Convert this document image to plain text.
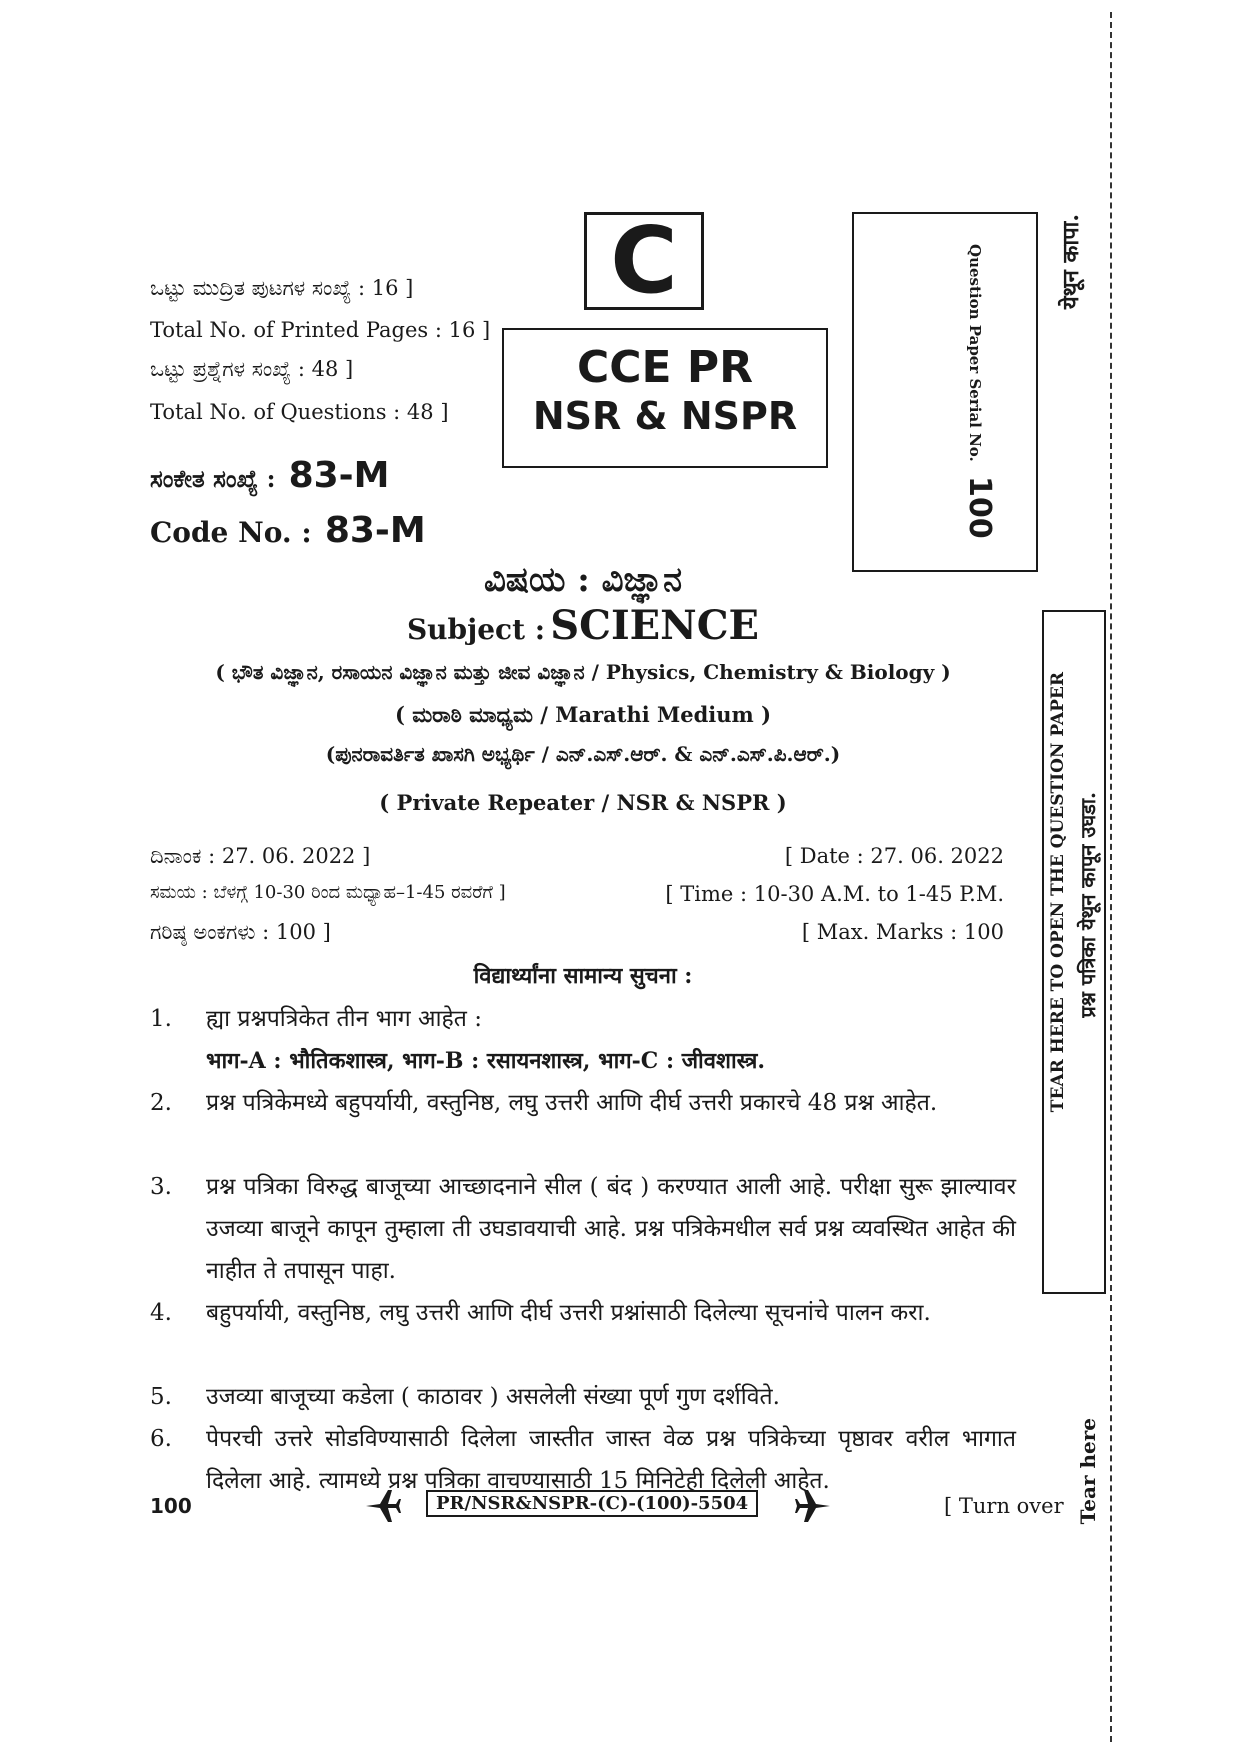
ಒಟ್ಟು ಮುದ್ರಿತ ಪುಟಗಳ ಸಂಖ್ಯೆ : 16 ]
Total No. of Printed Pages : 16 ]
ಒಟ್ಟು ಪ್ರಶ್ನೆಗಳ ಸಂಖ್ಯೆ : 48 ]
Total No. of Questions : 48 ]
ಸಂಕೇತ ಸಂಖ್ಯೆ : 83-M
Code No. : 83-M
C
CCE PR
NSR & NSPR	Question Paper Serial No.
100
येथून कापा.
TEAR HERE TO OPEN THE QUESTION PAPER प्रश्न पत्रिका येथून कापून उघडा.
Tear here
ವಿಷಯ : ವಿಜ್ಞಾನ
Subject : SCIENCE
( ಭೌತ ವಿಜ್ಞಾನ, ರಸಾಯನ ವಿಜ್ಞಾನ ಮತ್ತು ಜೀವ ವಿಜ್ಞಾನ / Physics, Chemistry & Biology )
( ಮರಾಠಿ ಮಾಧ್ಯಮ / Marathi Medium )
(ಪುನರಾವರ್ತಿತ ಖಾಸಗಿ ಅಭ್ಯರ್ಥಿ / ಎನ್.ಎಸ್.ಆರ್. & ಎನ್.ಎಸ್.ಪಿ.ಆರ್.)
( Private Repeater / NSR & NSPR )
ದಿನಾಂಕ : 27. 06. 2022 ]	[ Date : 27. 06. 2022
ಸಮಯ : ಬೆಳಗ್ಗೆ 10-30 ರಿಂದ ಮಧ್ಯಾಹ–1-45 ರವರೆಗೆ ]	[ Time : 10-30 A.M. to 1-45 P.M.
ಗರಿಷ್ಠ ಅಂಕಗಳು : 100 ]	[ Max. Marks : 100
विद्यार्थ्यांना सामान्य सुचना :
1. ह्या प्रश्नपत्रिकेत तीन भाग आहेत :
भाग-A : भौतिकशास्त्र, भाग-B : रसायनशास्त्र, भाग-C : जीवशास्त्र.
2. प्रश्न पत्रिकेमध्ये बहुपर्यायी, वस्तुनिष्ठ, लघु उत्तरी आणि दीर्घ उत्तरी प्रकारचे 48 प्रश्न आहेत.
3. प्रश्न पत्रिका विरुद्ध बाजूच्या आच्छादनाने सील ( बंद ) करण्यात आली आहे. परीक्षा सुरू झाल्यावर उजव्या बाजूने कापून तुम्हाला ती उघडावयाची आहे. प्रश्न पत्रिकेमधील सर्व प्रश्न व्यवस्थित आहेत की नाहीत ते तपासून पाहा.
4. बहुपर्यायी, वस्तुनिष्ठ, लघु उत्तरी आणि दीर्घ उत्तरी प्रश्नांसाठी दिलेल्या सूचनांचे पालन करा.
5. उजव्या बाजूच्या कडेला ( काठावर ) असलेली संख्या पूर्ण गुण दर्शविते.
6. पेपरची उत्तरे सोडविण्यासाठी दिलेला जास्तीत जास्त वेळ प्रश्न पत्रिकेच्या पृष्ठावर वरील भागात दिलेला आहे. त्यामध्ये प्रश्न पत्रिका वाचण्यासाठी 15 मिनिटेही दिलेली आहेत.
100	PR/NSR&NSPR-(C)-(100)-5504	[ Turn over
